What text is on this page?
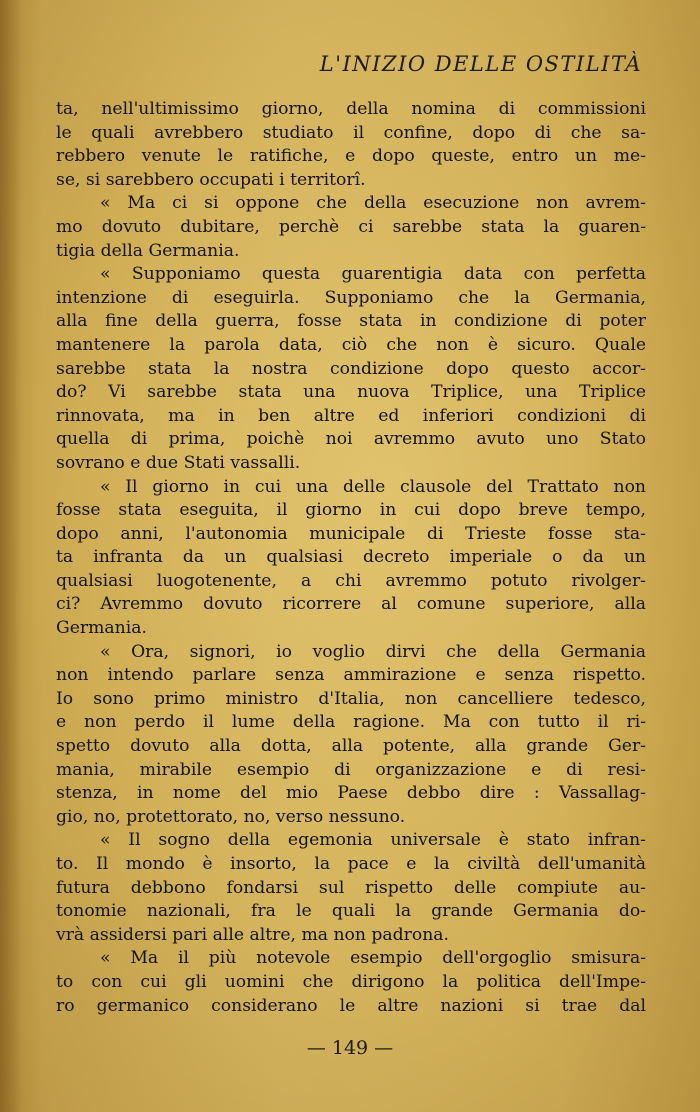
L'INIZIO DELLE OSTILITÀ
ta, nell'ultimissimo giorno, della nomina di commissioni
le quali avrebbero studiato il confine, dopo di che sa-
rebbero venute le ratifiche, e dopo queste, entro un me-
se, si sarebbero occupati i territorî.
« Ma ci si oppone che della esecuzione non avrem-
mo dovuto dubitare, perchè ci sarebbe stata la guaren-
tigia della Germania.
« Supponiamo questa guarentigia data con perfetta
intenzione di eseguirla. Supponiamo che la Germania,
alla fine della guerra, fosse stata in condizione di poter
mantenere la parola data, ciò che non è sicuro. Quale
sarebbe stata la nostra condizione dopo questo accor-
do? Vi sarebbe stata una nuova Triplice, una Triplice
rinnovata, ma in ben altre ed inferiori condizioni di
quella di prima, poichè noi avremmo avuto uno Stato
sovrano e due Stati vassalli.
« Il giorno in cui una delle clausole del Trattato non
fosse stata eseguita, il giorno in cui dopo breve tempo,
dopo anni, l'autonomia municipale di Trieste fosse sta-
ta infranta da un qualsiasi decreto imperiale o da un
qualsiasi luogotenente, a chi avremmo potuto rivolger-
ci? Avremmo dovuto ricorrere al comune superiore, alla
Germania.
« Ora, signori, io voglio dirvi che della Germania
non intendo parlare senza ammirazione e senza rispetto.
Io sono primo ministro d'Italia, non cancelliere tedesco,
e non perdo il lume della ragione. Ma con tutto il ri-
spetto dovuto alla dotta, alla potente, alla grande Ger-
mania, mirabile esempio di organizzazione e di resi-
stenza, in nome del mio Paese debbo dire : Vassallag-
gio, no, protettorato, no, verso nessuno.
« Il sogno della egemonia universale è stato infran-
to. Il mondo è insorto, la pace e la civiltà dell'umanità
futura debbono fondarsi sul rispetto delle compiute au-
tonomie nazionali, fra le quali la grande Germania do-
vrà assidersi pari alle altre, ma non padrona.
« Ma il più notevole esempio dell'orgoglio smisura-
to con cui gli uomini che dirigono la politica dell'Impe-
ro germanico considerano le altre nazioni si trae dal
— 149 —
